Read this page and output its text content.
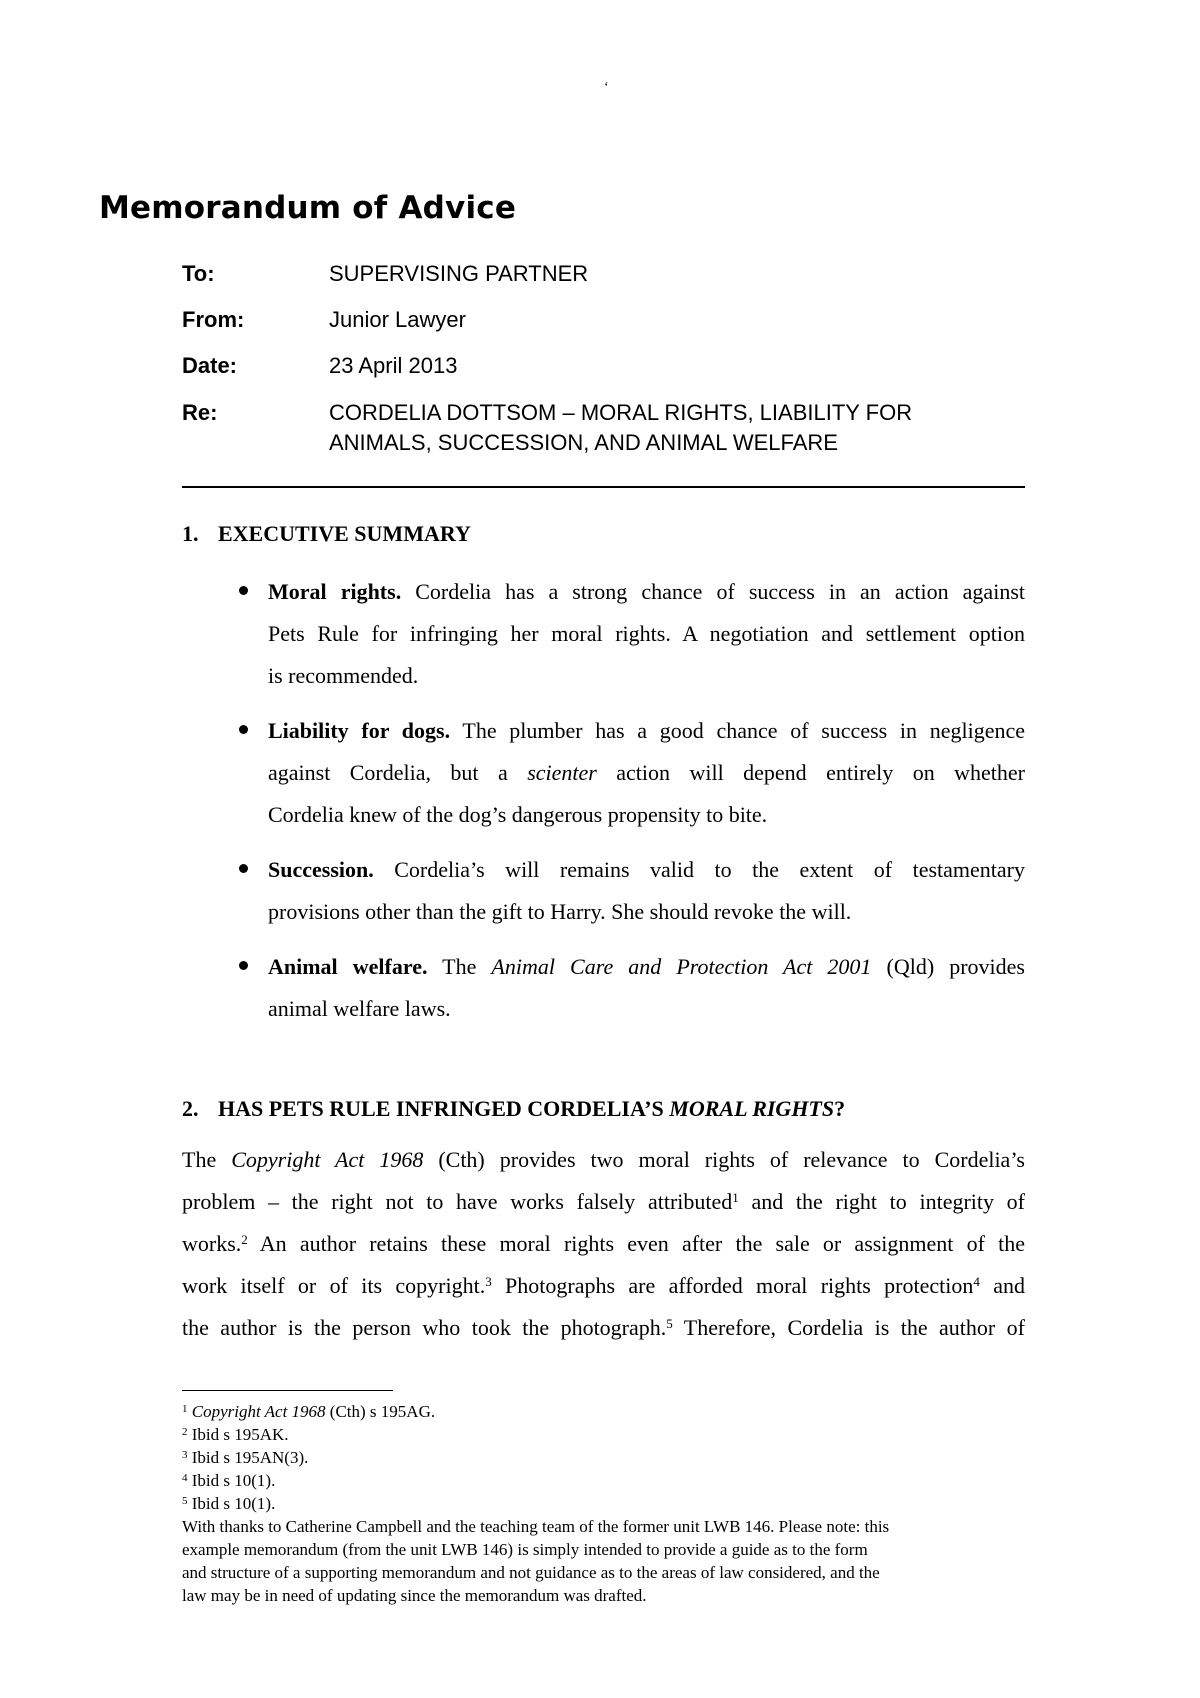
‘
Memorandum of Advice
To:	SUPERVISING PARTNER
From:	Junior Lawyer
Date:	23 April 2013
Re:	CORDELIA DOTTSOM – MORAL RIGHTS, LIABILITY FOR
ANIMALS, SUCCESSION, AND ANIMAL WELFARE
1. EXECUTIVE SUMMARY
Moral rights. Cordelia has a strong chance of success in an action against
Pets Rule for infringing her moral rights. A negotiation and settlement option
is recommended.
Liability for dogs. The plumber has a good chance of success in negligence
against Cordelia, but a scienter action will depend entirely on whether
Cordelia knew of the dog’s dangerous propensity to bite.
Succession. Cordelia’s will remains valid to the extent of testamentary
provisions other than the gift to Harry. She should revoke the will.
Animal welfare. The Animal Care and Protection Act 2001 (Qld) provides
animal welfare laws.
2. HAS PETS RULE INFRINGED CORDELIA’S MORAL RIGHTS?
The Copyright Act 1968 (Cth) provides two moral rights of relevance to Cordelia’s
problem – the right not to have works falsely attributed$^1$ and the right to integrity of
works.$^2$ An author retains these moral rights even after the sale or assignment of the
work itself or of its copyright.$^3$ Photographs are afforded moral rights protection$^4$ and
the author is the person who took the photograph.$^5$ Therefore, Cordelia is the author of
$^1$ Copyright Act 1968 (Cth) s 195AG.
$^2$ Ibid s 195AK.
$^3$ Ibid s 195AN(3).
$^4$ Ibid s 10(1).
$^5$ Ibid s 10(1).
With thanks to Catherine Campbell and the teaching team of the former unit LWB 146. Please note: this
example memorandum (from the unit LWB 146) is simply intended to provide a guide as to the form
and structure of a supporting memorandum and not guidance as to the areas of law considered, and the
law may be in need of updating since the memorandum was drafted.
